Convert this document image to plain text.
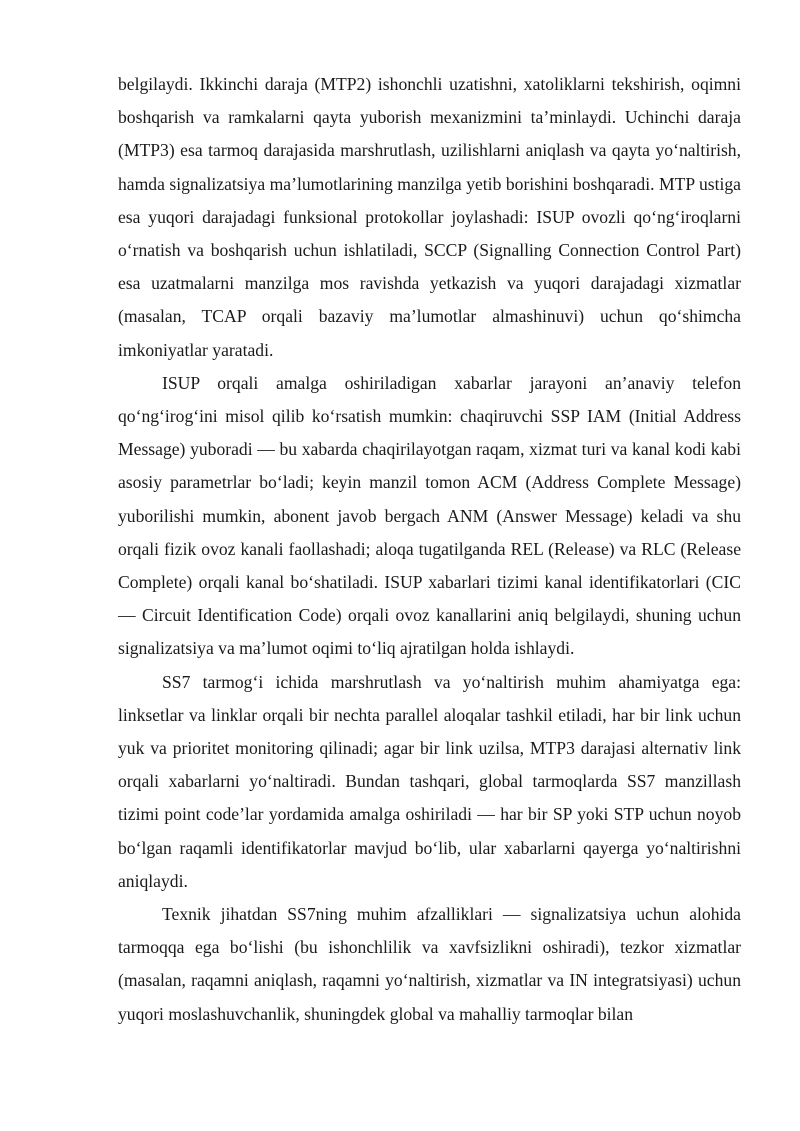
belgilaydi. Ikkinchi daraja (MTP2) ishonchli uzatishni, xatoliklarni tekshirish, oqimni boshqarish va ramkalarni qayta yuborish mexanizmini ta’minlaydi. Uchinchi daraja (MTP3) esa tarmoq darajasida marshrutlash, uzilishlarni aniqlash va qayta yo‘naltirish, hamda signalizatsiya ma’lumotlarining manzilga yetib borishini boshqaradi. MTP ustiga esa yuqori darajadagi funksional protokollar joylashadi: ISUP ovozli qo‘ng‘iroqlarni o‘rnatish va boshqarish uchun ishlatiladi, SCCP (Signalling Connection Control Part) esa uzatmalarni manzilga mos ravishda yetkazish va yuqori darajadagi xizmatlar (masalan, TCAP orqali bazaviy ma’lumotlar almashinuvi) uchun qo‘shimcha imkoniyatlar yaratadi.

ISUP orqali amalga oshiriladigan xabarlar jarayoni an’anaviy telefon qo‘ng‘irog‘ini misol qilib ko‘rsatish mumkin: chaqiruvchi SSP IAM (Initial Address Message) yuboradi — bu xabarda chaqirilayotgan raqam, xizmat turi va kanal kodi kabi asosiy parametrlar bo‘ladi; keyin manzil tomon ACM (Address Complete Message) yuborilishi mumkin, abonent javob bergach ANM (Answer Message) keladi va shu orqali fizik ovoz kanali faollashadi; aloqa tugatilganda REL (Release) va RLC (Release Complete) orqali kanal bo‘shatiladi. ISUP xabarlari tizimi kanal identifikatorlari (CIC — Circuit Identification Code) orqali ovoz kanallarini aniq belgilaydi, shuning uchun signalizatsiya va ma’lumot oqimi to‘liq ajratilgan holda ishlaydi.

SS7 tarmog‘i ichida marshrutlash va yo‘naltirish muhim ahamiyatga ega: linksetlar va linklar orqali bir nechta parallel aloqalar tashkil etiladi, har bir link uchun yuk va prioritet monitoring qilinadi; agar bir link uzilsa, MTP3 darajasi alternativ link orqali xabarlarni yo‘naltiradi. Bundan tashqari, global tarmoqlarda SS7 manzillash tizimi point code’lar yordamida amalga oshiriladi — har bir SP yoki STP uchun noyob bo‘lgan raqamli identifikatorlar mavjud bo‘lib, ular xabarlarni qayerga yo‘naltirishni aniqlaydi.

Texnik jihatdan SS7ning muhim afzalliklari — signalizatsiya uchun alohida tarmoqqa ega bo‘lishi (bu ishonchlilik va xavfsizlikni oshiradi), tezkor xizmatlar (masalan, raqamni aniqlash, raqamni yo‘naltirish, xizmatlar va IN integratsiyasi) uchun yuqori moslashuvchanlik, shuningdek global va mahalliy tarmoqlar bilan
